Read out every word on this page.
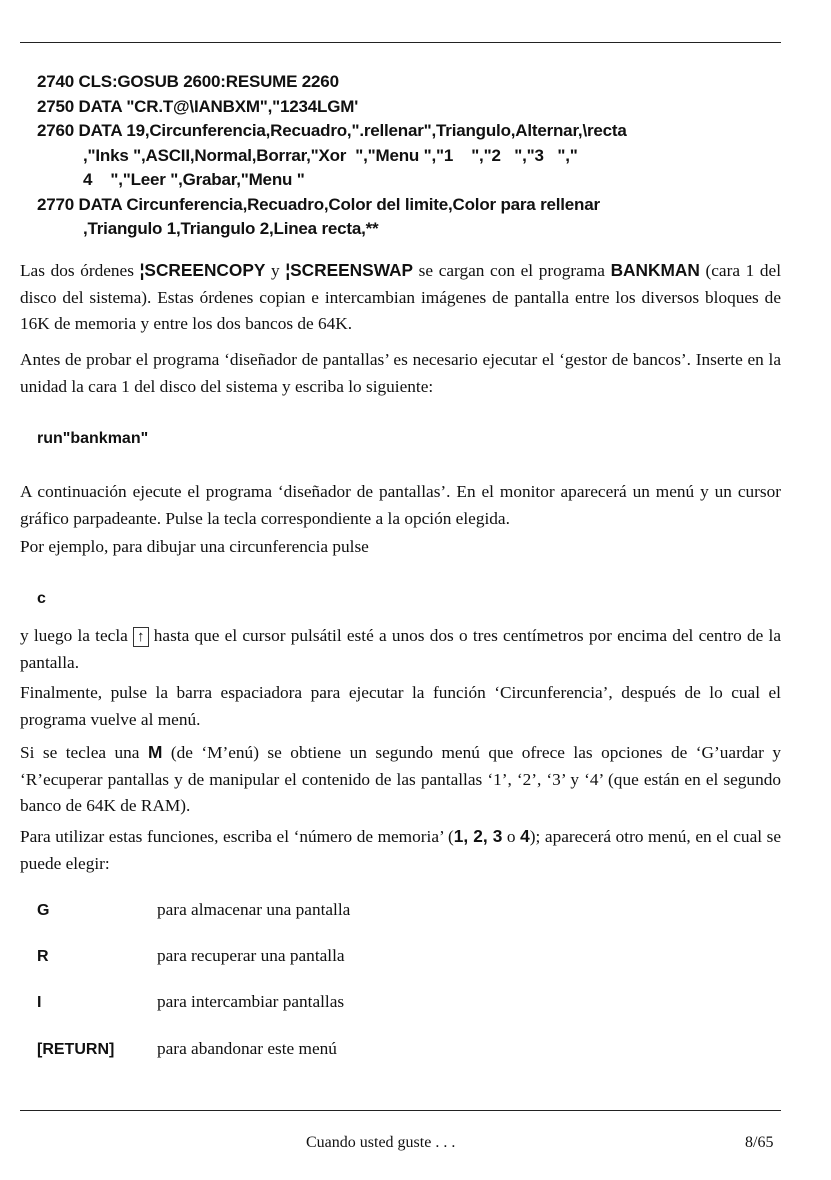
2740 CLS:GOSUB 2600:RESUME 2260
2750 DATA "CR.T@\IANBXM","1234LGM'
2760 DATA 19,Circunferencia,Recuadro,".rellenar",Triangulo,Alternar,\recta
,"Inks ",ASCII,Normal,Borrar,"Xor  ","Menu ","1    ","2   ","3   ","
4    ","Leer ",Grabar,"Menu "
2770 DATA Circunferencia,Recuadro,Color del limite,Color para rellenar
,Triangulo 1,Triangulo 2,Linea recta,**
Las dos órdenes ¦SCREENCOPY y ¦SCREENSWAP se cargan con el programa BANKMAN (cara 1 del disco del sistema). Estas órdenes copian e intercambian imágenes de pantalla entre los diversos bloques de 16K de memoria y entre los dos bancos de 64K.
Antes de probar el programa ‘diseñador de pantallas’ es necesario ejecutar el ‘gestor de bancos’. Inserte en la unidad la cara 1 del disco del sistema y escriba lo siguiente:
run"bankman"
A continuación ejecute el programa ‘diseñador de pantallas’. En el monitor aparecerá un menú y un cursor gráfico parpadeante. Pulse la tecla correspondiente a la opción elegida.
Por ejemplo, para dibujar una circunferencia pulse
c
y luego la tecla ↑ hasta que el cursor pulsátil esté a unos dos o tres centímetros por encima del centro de la pantalla.
Finalmente, pulse la barra espaciadora para ejecutar la función ‘Circunferencia’, después de lo cual el programa vuelve al menú.
Si se teclea una M (de ‘M’enú) se obtiene un segundo menú que ofrece las opciones de ‘G’uardar y ‘R’ecuperar pantallas y de manipular el contenido de las pantallas ‘1’, ‘2’, ‘3’ y ‘4’ (que están en el segundo banco de 64K de RAM).
Para utilizar estas funciones, escriba el ‘número de memoria’ (1, 2, 3 o 4); aparecerá otro menú, en el cual se puede elegir:
G	para almacenar una pantalla
R	para recuperar una pantalla
I	para intercambiar pantallas
[RETURN] para abandonar este menú
Cuando usted guste . . .	8/65
